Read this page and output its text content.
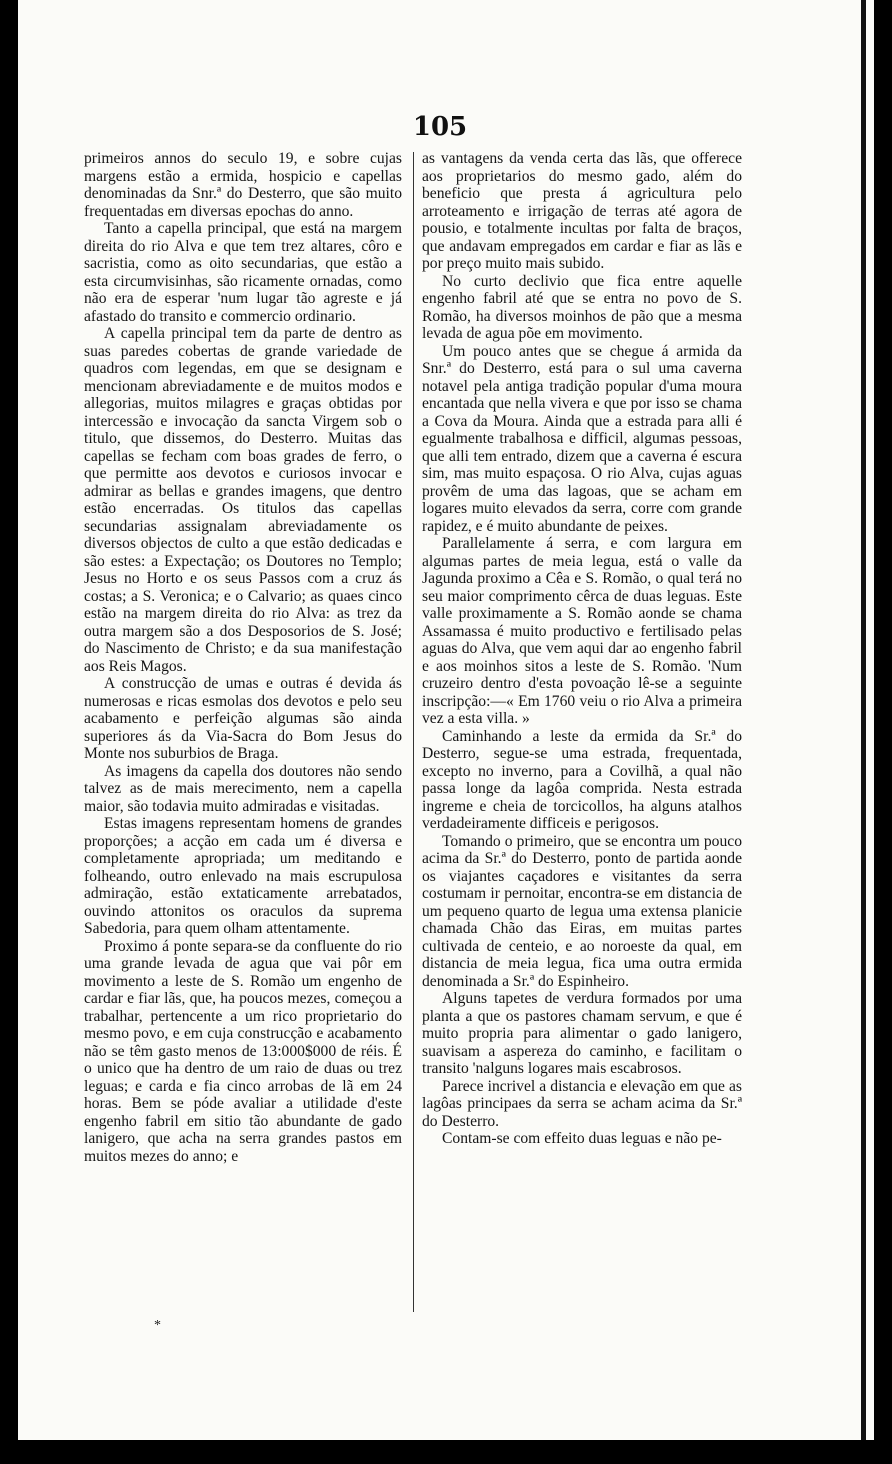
105

primeiros annos do seculo 19, e sobre cujas margens estão a ermida, hospicio e capellas denominadas da Snr.ª do Desterro, que são muito frequentadas em diversas epochas do anno.

Tanto a capella principal, que está na margem direita do rio Alva e que tem trez altares, côro e sacristia, como as oito secundarias, que estão a esta circumvisinhas, são ricamente ornadas, como não era de esperar 'num lugar tão agreste e já afastado do transito e commercio ordinario.

A capella principal tem da parte de dentro as suas paredes cobertas de grande variedade de quadros com legendas, em que se designam e mencionam abreviadamente e de muitos modos e allegorias, muitos milagres e graças obtidas por intercessão e invocação da sancta Virgem sob o titulo, que dissemos, do Desterro. Muitas das capellas se fecham com boas grades de ferro, o que permitte aos devotos e curiosos invocar e admirar as bellas e grandes imagens, que dentro estão encerradas. Os titulos das capellas secundarias assignalam abreviadamente os diversos objectos de culto a que estão dedicadas e são estes: a Expectação; os Doutores no Templo; Jesus no Horto e os seus Passos com a cruz ás costas; a S. Veronica; e o Calvario; as quaes cinco estão na margem direita do rio Alva: as trez da outra margem são a dos Desposorios de S. José; do Nascimento de Christo; e da sua manifestação aos Reis Magos.

A construcção de umas e outras é devida ás numerosas e ricas esmolas dos devotos e pelo seu acabamento e perfeição algumas são ainda superiores ás da Via-Sacra do Bom Jesus do Monte nos suburbios de Braga.

As imagens da capella dos doutores não sendo talvez as de mais merecimento, nem a capella maior, são todavia muito admiradas e visitadas.

Estas imagens representam homens de grandes proporções; a acção em cada um é diversa e completamente apropriada; um meditando e folheando, outro enlevado na mais escrupulosa admiração, estão extaticamente arrebatados, ouvindo attonitos os oraculos da suprema Sabedoria, para quem olham attentamente.

Proximo á ponte separa-se da confluente do rio uma grande levada de agua que vai pôr em movimento a leste de S. Romão um engenho de cardar e fiar lãs, que, ha poucos mezes, começou a trabalhar, pertencente a um rico proprietario do mesmo povo, e em cuja construcção e acabamento não se têm gasto menos de 13:000$000 de réis. É o unico que ha dentro de um raio de duas ou trez leguas; e carda e fia cinco arrobas de lã em 24 horas. Bem se póde avaliar a utilidade d'este engenho fabril em sitio tão abundante de gado lanigero, que acha na serra grandes pastos em muitos mezes do anno; e

as vantagens da venda certa das lãs, que offerece aos proprietarios do mesmo gado, além do beneficio que presta á agricultura pelo arroteamento e irrigação de terras até agora de pousio, e totalmente incultas por falta de braços, que andavam empregados em cardar e fiar as lãs e por preço muito mais subido.

No curto declivio que fica entre aquelle engenho fabril até que se entra no povo de S. Romão, ha diversos moinhos de pão que a mesma levada de agua põe em movimento.

Um pouco antes que se chegue á armida da Snr.ª do Desterro, está para o sul uma caverna notavel pela antiga tradição popular d'uma moura encantada que nella vivera e que por isso se chama a Cova da Moura. Ainda que a estrada para alli é egualmente trabalhosa e difficil, algumas pessoas, que alli tem entrado, dizem que a caverna é escura sim, mas muito espaçosa. O rio Alva, cujas aguas provêm de uma das lagoas, que se acham em logares muito elevados da serra, corre com grande rapidez, e é muito abundante de peixes.

Parallelamente á serra, e com largura em algumas partes de meia legua, está o valle da Jagunda proximo a Cêa e S. Romão, o qual terá no seu maior comprimento cêrca de duas leguas. Este valle proximamente a S. Romão aonde se chama Assamassa é muito productivo e fertilisado pelas aguas do Alva, que vem aqui dar ao engenho fabril e aos moinhos sitos a leste de S. Romão. 'Num cruzeiro dentro d'esta povoação lê-se a seguinte inscripção:—« Em 1760 veiu o rio Alva a primeira vez a esta villa. »

Caminhando a leste da ermida da Sr.ª do Desterro, segue-se uma estrada, frequentada, excepto no inverno, para a Covilhã, a qual não passa longe da lagôa comprida. Nesta estrada ingreme e cheia de torcicollos, ha alguns atalhos verdadeiramente difficeis e perigosos.

Tomando o primeiro, que se encontra um pouco acima da Sr.ª do Desterro, ponto de partida aonde os viajantes caçadores e visitantes da serra costumam ir pernoitar, encontra-se em distancia de um pequeno quarto de legua uma extensa planicie chamada Chão das Eiras, em muitas partes cultivada de centeio, e ao noroeste da qual, em distancia de meia legua, fica uma outra ermida denominada a Sr.ª do Espinheiro.

Alguns tapetes de verdura formados por uma planta a que os pastores chamam servum, e que é muito propria para alimentar o gado lanigero, suavisam a aspereza do caminho, e facilitam o transito 'nalguns logares mais escabrosos.

Parece incrivel a distancia e elevação em que as lagôas principaes da serra se acham acima da Sr.ª do Desterro.

Contam-se com effeito duas leguas e não pe-

*
